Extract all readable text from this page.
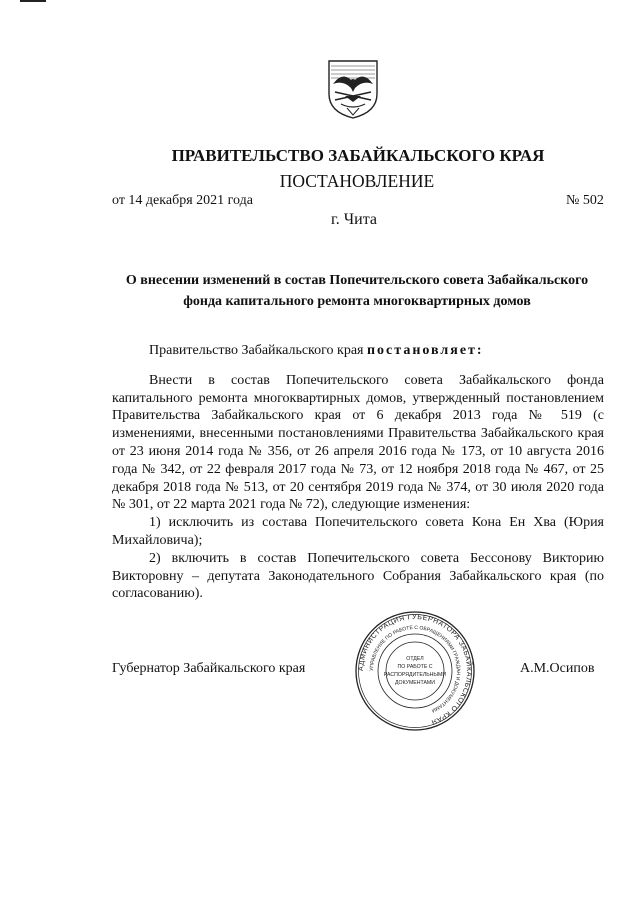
ПРАВИТЕЛЬСТВО ЗАБАЙКАЛЬСКОГО КРАЯ
ПОСТАНОВЛЕНИЕ
от 14 декабря 2021 года	№ 502
г. Чита
О внесении изменений в состав Попечительского совета Забайкальского
фонда капитального ремонта многоквартирных домов

Правительство Забайкальского края постановляет:

Внести в состав Попечительского совета Забайкальского фонда капитального ремонта многоквартирных домов, утвержденный постановлением Правительства Забайкальского края от 6 декабря 2013 года № 519 (с изменениями, внесенными постановлениями Правительства Забайкальского края от 23 июня 2014 года № 356, от 26 апреля 2016 года № 173, от 10 августа 2016 года № 342, от 22 февраля 2017 года № 73, от 12 ноября 2018 года № 467, от 25 декабря 2018 года № 513, от 20 сентября 2019 года № 374, от 30 июля 2020 года № 301, от 22 марта 2021 года № 72), следующие изменения:

1) исключить из состава Попечительского совета Кона Ен Хва (Юрия Михайловича);

2) включить в состав Попечительского совета Бессонову Викторию Викторовну – депутата Законодательного Собрания Забайкальского края (по согласованию).

Губернатор Забайкальского края	А.М.Осипов
АДМИНИСТРАЦИЯ ГУБЕРНАТОРА ЗАБАЙКАЛЬСКОГО КРАЯ
УПРАВЛЕНИЕ ПО РАБОТЕ С ОБРАЩЕНИЯМИ ГРАЖДАН И ДОКУМЕНТАМИ
ОТДЕЛ
ПО РАБОТЕ С
РАСПОРЯДИТЕЛЬНЫМИ
ДОКУМЕНТАМИ
